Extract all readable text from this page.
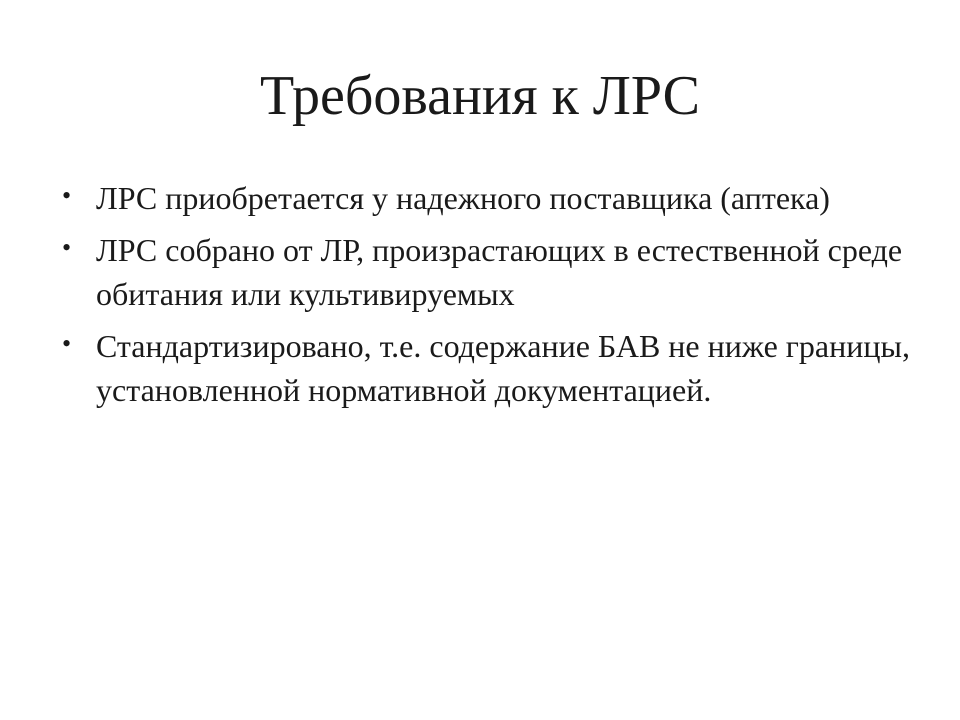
Требования к ЛРС
• ЛРС приобретается у надежного поставщика (аптека)
• ЛРС собрано от ЛР, произрастающих в естественной среде обитания или культивируемых
• Стандартизировано, т.е. содержание БАВ не ниже границы, установленной нормативной документацией.
